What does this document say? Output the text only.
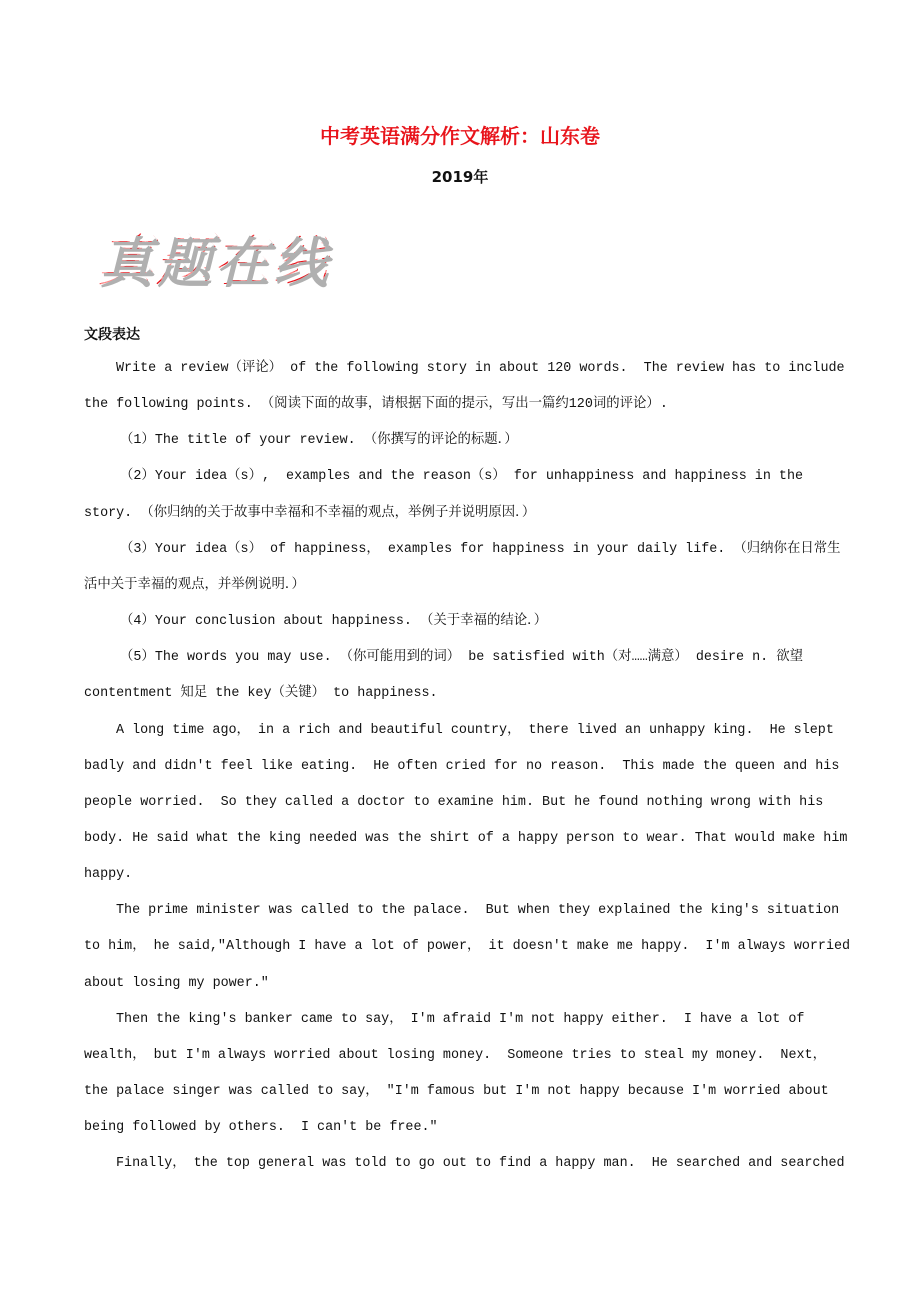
中考英语满分作文解析：山东卷
2019年
真题在线
文段表达
Write a review（评论） of the following story in about 120 words.  The review has to include
the following points. （阅读下面的故事，请根据下面的提示，写出一篇约120词的评论）.
（1）The title of your review. （你撰写的评论的标题．）
（2）Your idea（s）,  examples and the reason（s） for unhappiness and happiness in the
story. （你归纳的关于故事中幸福和不幸福的观点，举例子并说明原因．）
（3）Your idea（s） of happiness， examples for happiness in your daily life. （归纳你在日常生
活中关于幸福的观点，并举例说明．）
（4）Your conclusion about happiness. （关于幸福的结论．）
（5）The words you may use. （你可能用到的词） be satisfied with（对……满意） desire n. 欲望
contentment 知足 the key（关键） to happiness.
A long time ago， in a rich and beautiful country， there lived an unhappy king.  He slept
badly and didn't feel like eating.  He often cried for no reason.  This made the queen and his
people worried.  So they called a doctor to examine him. But he found nothing wrong with his
body. He said what the king needed was the shirt of a happy person to wear. That would make him
happy.
The prime minister was called to the palace.  But when they explained the king's situation
to him， he said,"Although I have a lot of power， it doesn't make me happy.  I'm always worried
about losing my power."
Then the king's banker came to say， I'm afraid I'm not happy either.  I have a lot of
wealth， but I'm always worried about losing money.  Someone tries to steal my money.  Next，
the palace singer was called to say， "I'm famous but I'm not happy because I'm worried about
being followed by others.  I can't be free."
Finally， the top general was told to go out to find a happy man.  He searched and searched
